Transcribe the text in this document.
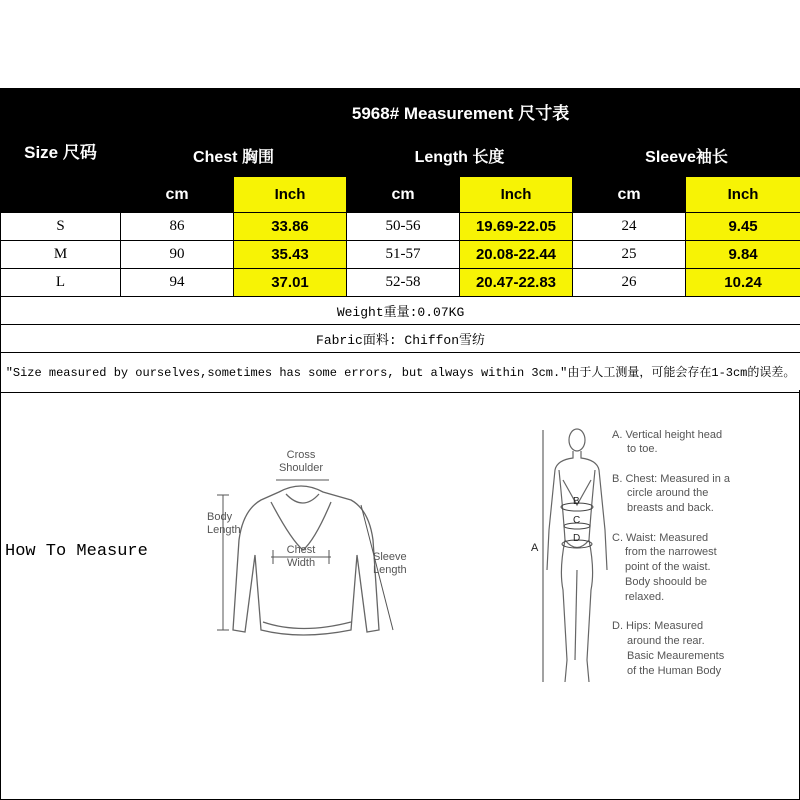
Size 尺码	5968# Measurement 尺寸表					
	Chest 胸围		Length 长度		Sleeve袖长	
	cm	Inch	cm	Inch	cm	Inch
S	86	33.86	50-56	19.69-22.05	24	9.45
M	90	35.43	51-57	20.08-22.44	25	9.84
L	94	37.01	52-58	20.47-22.83	26	10.24
Weight重量:0.07KG						
Fabric面料: Chiffon雪纺						
"Size measured by ourselves,sometimes has some errors, but always within 3cm."由于人工测量，可能会存在1-3cm的误差。						
How To Measure
Cross
Shoulder
Body
Length
Chest
Width	Sleeve
Length
A
B
C
D
A. Vertical height head
to toe.
B. Chest: Measured in a
circle around the
breasts and back.
C. Waist: Measured
from the narrowest
point of the waist.
Body shoould be
relaxed.
D. Hips: Measured
around the rear.
Basic Meaurements
of the Human Body
